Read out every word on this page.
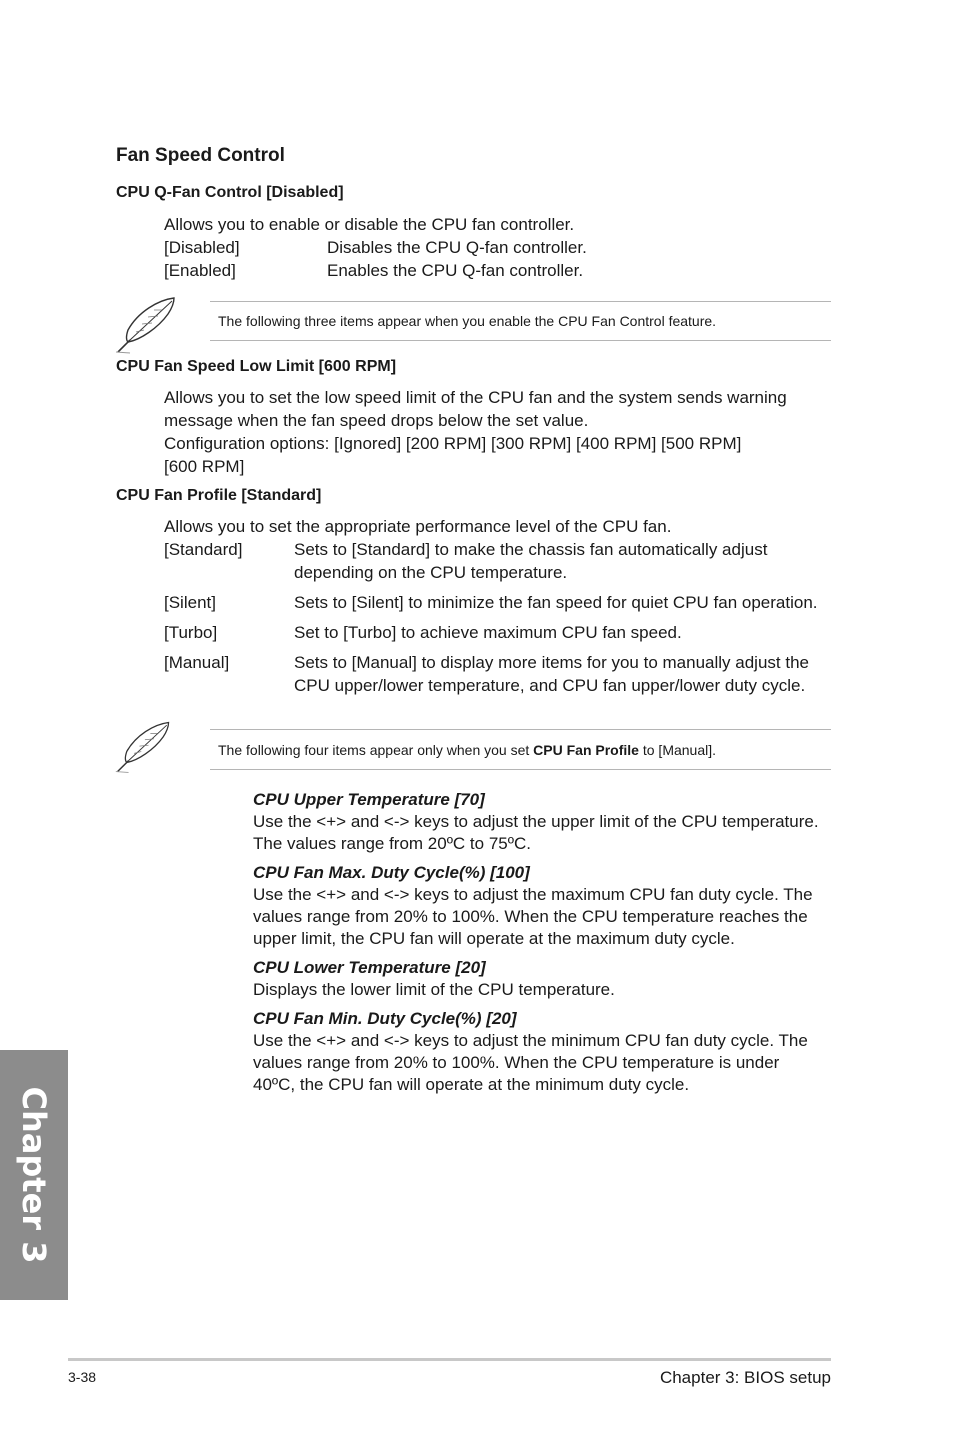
Fan Speed Control
CPU Q-Fan Control [Disabled]
Allows you to enable or disable the CPU fan controller.
[Disabled]	Disables the CPU Q-fan controller.
[Enabled]	Enables the CPU Q-fan controller.
The following three items appear when you enable the CPU Fan Control feature.
CPU Fan Speed Low Limit [600 RPM]
Allows you to set the low speed limit of the CPU fan and the system sends warning
message when the fan speed drops below the set value.
Configuration options: [Ignored] [200 RPM] [300 RPM] [400 RPM] [500 RPM]
[600 RPM]
CPU Fan Profile [Standard]
Allows you to set the appropriate performance level of the CPU fan.
[Standard]	Sets to [Standard] to make the chassis fan automatically adjust
depending on the CPU temperature.
[Silent]	Sets to [Silent] to minimize the fan speed for quiet CPU fan operation.
[Turbo]	Set to [Turbo] to achieve maximum CPU fan speed.
[Manual]	Sets to [Manual] to display more items for you to manually adjust the
CPU upper/lower temperature, and CPU fan upper/lower duty cycle.
The following four items appear only when you set CPU Fan Profile to [Manual].
CPU Upper Temperature [70]
Use the <+> and <-> keys to adjust the upper limit of the CPU temperature.
The values range from 20ºC to 75ºC.
CPU Fan Max. Duty Cycle(%) [100]
Use the <+> and <-> keys to adjust the maximum CPU fan duty cycle. The
values range from 20% to 100%. When the CPU temperature reaches the
upper limit, the CPU fan will operate at the maximum duty cycle.
CPU Lower Temperature [20]
Displays the lower limit of the CPU temperature.
CPU Fan Min. Duty Cycle(%) [20]
Use the <+> and <-> keys to adjust the minimum CPU fan duty cycle. The
values range from 20% to 100%. When the CPU temperature is under
40ºC, the CPU fan will operate at the minimum duty cycle.
Chapter 3
3-38	Chapter 3: BIOS setup
